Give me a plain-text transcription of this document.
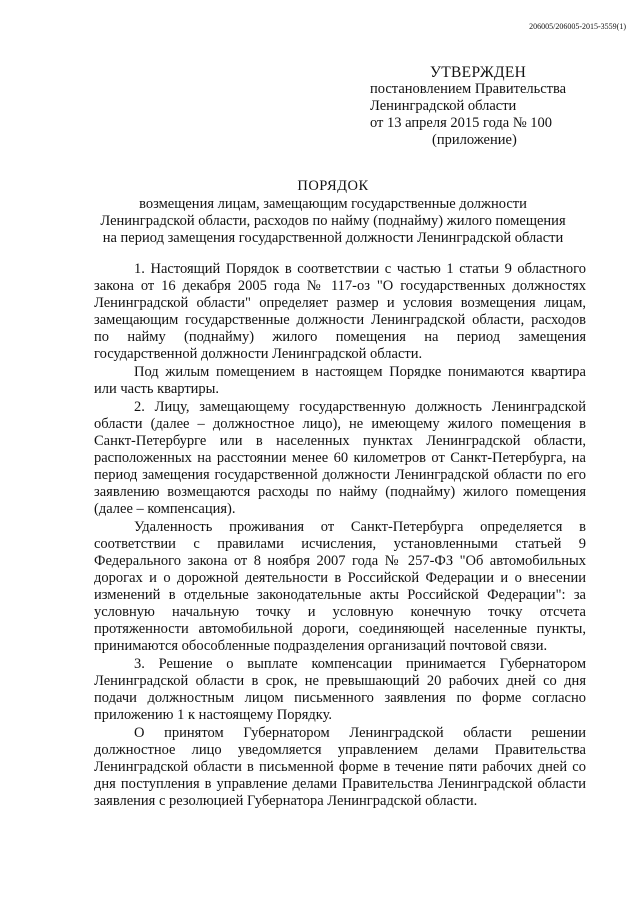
206005/206005-2015-3559(1)
УТВЕРЖДЕН
постановлением Правительства
Ленинградской области
от 13 апреля 2015 года № 100
(приложение)
ПОРЯДОК
возмещения лицам, замещающим государственные должности
Ленинградской области, расходов по найму (поднайму) жилого помещения
на период замещения государственной должности Ленинградской области

1. Настоящий Порядок в соответствии с частью 1 статьи 9 областного закона от 16 декабря 2005 года № 117-оз "О государственных должностях Ленинградской области" определяет размер и условия возмещения лицам, замещающим государственные должности Ленинградской области, расходов по найму (поднайму) жилого помещения на период замещения государственной должности Ленинградской области.

Под жилым помещением в настоящем Порядке понимаются квартира или часть квартиры.

2. Лицу, замещающему государственную должность Ленинградской области (далее – должностное лицо), не имеющему жилого помещения в Санкт-Петербурге или в населенных пунктах Ленинградской области, расположенных на расстоянии менее 60 километров от Санкт-Петербурга, на период замещения государственной должности Ленинградской области по его заявлению возмещаются расходы по найму (поднайму) жилого помещения (далее – компенсация).

Удаленность проживания от Санкт-Петербурга определяется в соответствии с правилами исчисления, установленными статьей 9 Федерального закона от 8 ноября 2007 года № 257-ФЗ "Об автомобильных дорогах и о дорожной деятельности в Российской Федерации и о внесении изменений в отдельные законодательные акты Российской Федерации": за условную начальную точку и условную конечную точку отсчета протяженности автомобильной дороги, соединяющей населенные пункты, принимаются обособленные подразделения организаций почтовой связи.

3. Решение о выплате компенсации принимается Губернатором Ленинградской области в срок, не превышающий 20 рабочих дней со дня подачи должностным лицом письменного заявления по форме согласно приложению 1 к настоящему Порядку.

О принятом Губернатором Ленинградской области решении должностное лицо уведомляется управлением делами Правительства Ленинградской области в письменной форме в течение пяти рабочих дней со дня поступления в управление делами Правительства Ленинградской области заявления с резолюцией Губернатора Ленинградской области.
